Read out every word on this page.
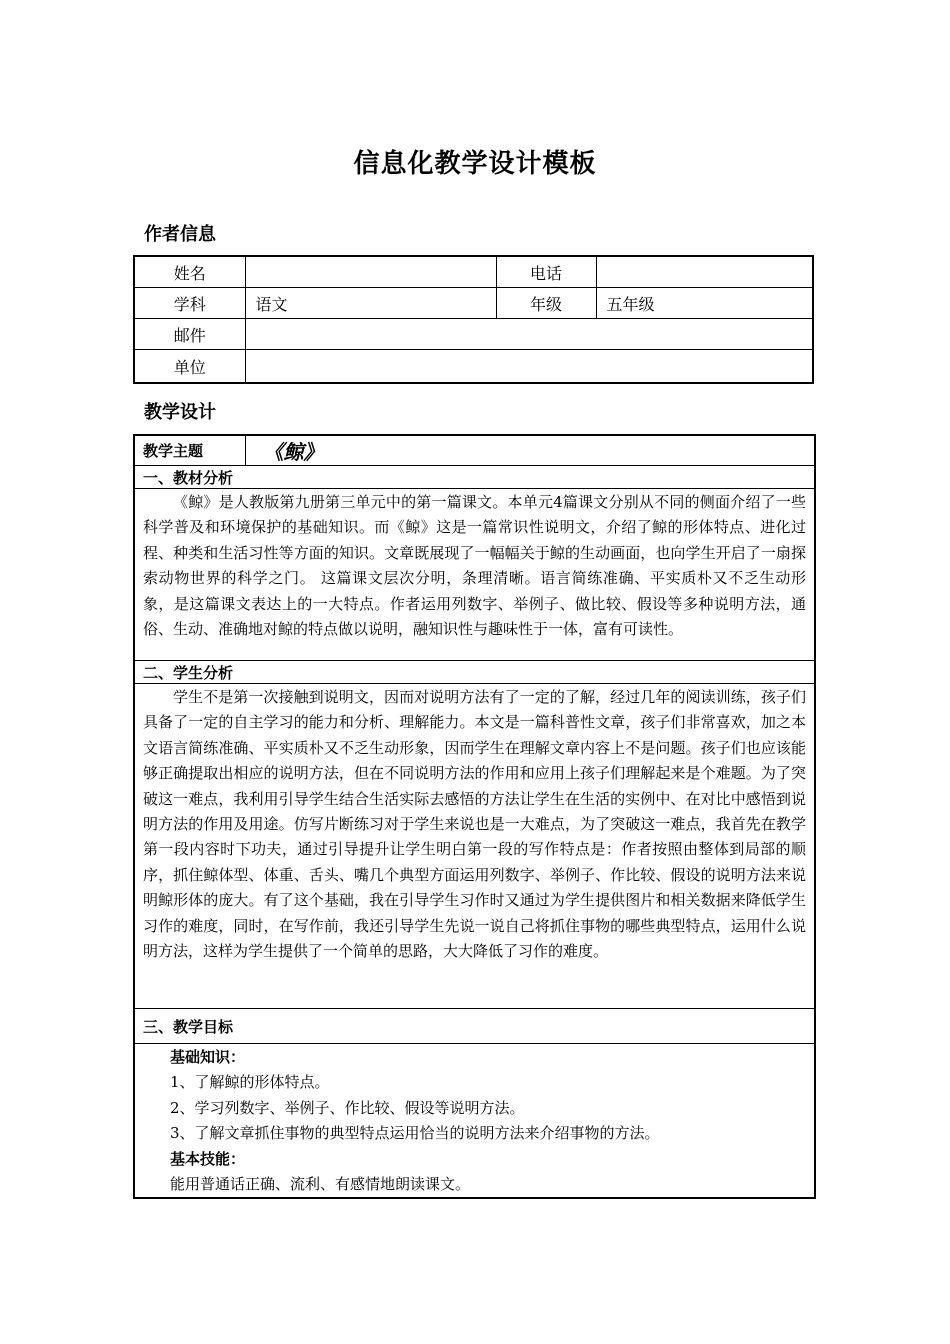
信息化教学设计模板
作者信息
姓名		电话	
学科	语文	年级	五年级
邮件			
单位			
教学设计
教学主题	《鲸》
一、教材分析

《鲸》是人教版第九册第三单元中的第一篇课文。本单元4篇课文分别从不同的侧面介绍了一些科学普及和环境保护的基础知识。而《鲸》这是一篇常识性说明文，介绍了鲸的形体特点、进化过程、种类和生活习性等方面的知识。文章既展现了一幅幅关于鲸的生动画面，也向学生开启了一扇探索动物世界的科学之门。 这篇课文层次分明，条理清晰。语言简练准确、平实质朴又不乏生动形象，是这篇课文表达上的一大特点。作者运用列数字、举例子、做比较、假设等多种说明方法，通俗、生动、准确地对鲸的特点做以说明，融知识性与趣味性于一体，富有可读性。

二、学生分析

学生不是第一次接触到说明文，因而对说明方法有了一定的了解，经过几年的阅读训练，孩子们具备了一定的自主学习的能力和分析、理解能力。本文是一篇科普性文章，孩子们非常喜欢，加之本文语言简练准确、平实质朴又不乏生动形象，因而学生在理解文章内容上不是问题。孩子们也应该能够正确提取出相应的说明方法，但在不同说明方法的作用和应用上孩子们理解起来是个难题。为了突破这一难点，我利用引导学生结合生活实际去感悟的方法让学生在生活的实例中、在对比中感悟到说明方法的作用及用途。仿写片断练习对于学生来说也是一大难点，为了突破这一难点，我首先在教学第一段内容时下功夫，通过引导提升让学生明白第一段的写作特点是：作者按照由整体到局部的顺序，抓住鲸体型、体重、舌头、嘴几个典型方面运用列数字、举例子、作比较、假设的说明方法来说明鲸形体的庞大。有了这个基础，我在引导学生习作时又通过为学生提供图片和相关数据来降低学生习作的难度，同时，在写作前，我还引导学生先说一说自己将抓住事物的哪些典型特点，运用什么说明方法，这样为学生提供了一个简单的思路，大大降低了习作的难度。

三、教学目标

基础知识：

1、了解鲸的形体特点。

2、学习列数字、举例子、作比较、假设等说明方法。

3、了解文章抓住事物的典型特点运用恰当的说明方法来介绍事物的方法。

基本技能：

能用普通话正确、流利、有感情地朗读课文。
